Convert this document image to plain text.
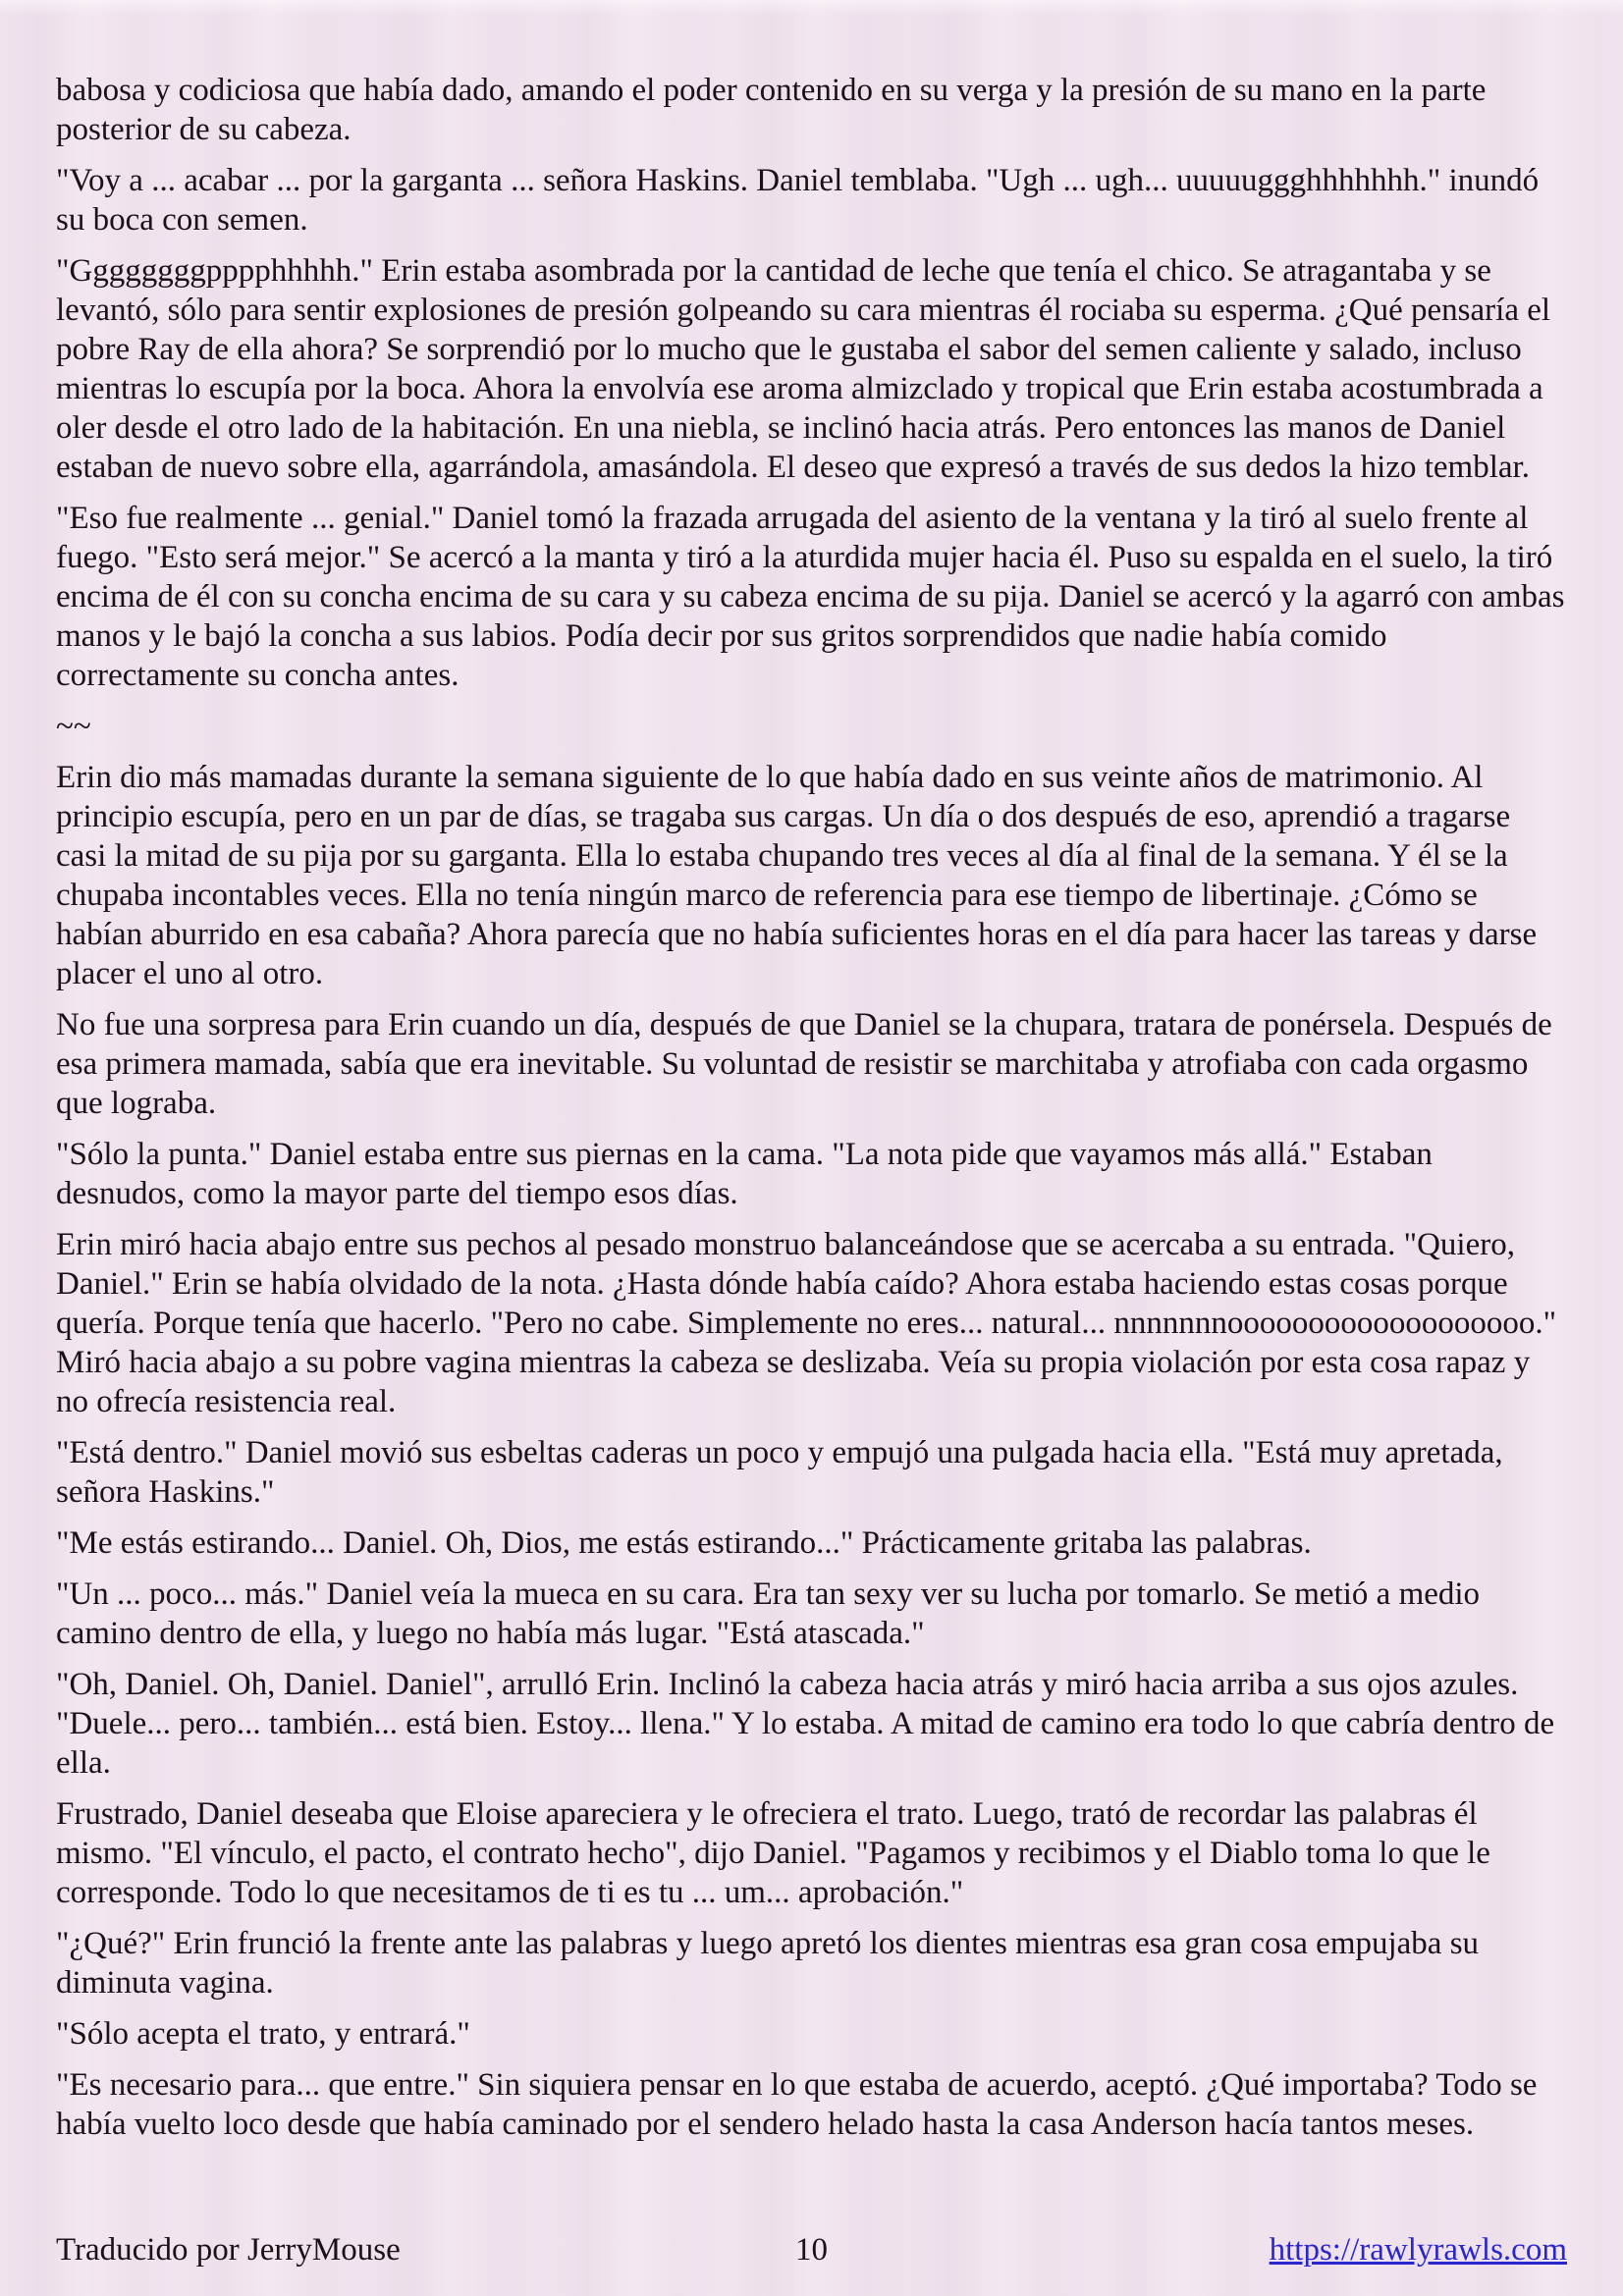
babosa y codiciosa que había dado, amando el poder contenido en su verga y la presión de su mano en la parte posterior de su cabeza.

"Voy a ... acabar ... por la garganta ... señora Haskins. Daniel temblaba. "Ugh ... ugh... uuuuuggghhhhhhh." inundó su boca con semen.

"Ggggggggpppphhhhh." Erin estaba asombrada por la cantidad de leche que tenía el chico. Se atragantaba y se levantó, sólo para sentir explosiones de presión golpeando su cara mientras él rociaba su esperma. ¿Qué pensaría el pobre Ray de ella ahora? Se sorprendió por lo mucho que le gustaba el sabor del semen caliente y salado, incluso mientras lo escupía por la boca. Ahora la envolvía ese aroma almizclado y tropical que Erin estaba acostumbrada a oler desde el otro lado de la habitación. En una niebla, se inclinó hacia atrás. Pero entonces las manos de Daniel estaban de nuevo sobre ella, agarrándola, amasándola. El deseo que expresó a través de sus dedos la hizo temblar.

"Eso fue realmente ... genial." Daniel tomó la frazada arrugada del asiento de la ventana y la tiró al suelo frente al fuego. "Esto será mejor." Se acercó a la manta y tiró a la aturdida mujer hacia él. Puso su espalda en el suelo, la tiró encima de él con su concha encima de su cara y su cabeza encima de su pija. Daniel se acercó y la agarró con ambas manos y le bajó la concha a sus labios. Podía decir por sus gritos sorprendidos que nadie había comido correctamente su concha antes.

~~

Erin dio más mamadas durante la semana siguiente de lo que había dado en sus veinte años de matrimonio. Al principio escupía, pero en un par de días, se tragaba sus cargas. Un día o dos después de eso, aprendió a tragarse casi la mitad de su pija por su garganta. Ella lo estaba chupando tres veces al día al final de la semana. Y él se la chupaba incontables veces. Ella no tenía ningún marco de referencia para ese tiempo de libertinaje. ¿Cómo se habían aburrido en esa cabaña? Ahora parecía que no había suficientes horas en el día para hacer las tareas y darse placer el uno al otro.

No fue una sorpresa para Erin cuando un día, después de que Daniel se la chupara, tratara de ponérsela. Después de esa primera mamada, sabía que era inevitable. Su voluntad de resistir se marchitaba y atrofiaba con cada orgasmo que lograba.

"Sólo la punta." Daniel estaba entre sus piernas en la cama. "La nota pide que vayamos más allá." Estaban desnudos, como la mayor parte del tiempo esos días.

Erin miró hacia abajo entre sus pechos al pesado monstruo balanceándose que se acercaba a su entrada. "Quiero, Daniel." Erin se había olvidado de la nota. ¿Hasta dónde había caído? Ahora estaba haciendo estas cosas porque quería. Porque tenía que hacerlo. "Pero no cabe. Simplemente no eres... natural... nnnnnnnooooooooooooooooooo." Miró hacia abajo a su pobre vagina mientras la cabeza se deslizaba. Veía su propia violación por esta cosa rapaz y no ofrecía resistencia real.

"Está dentro." Daniel movió sus esbeltas caderas un poco y empujó una pulgada hacia ella. "Está muy apretada, señora Haskins."

"Me estás estirando... Daniel. Oh, Dios, me estás estirando..." Prácticamente gritaba las palabras.

"Un ... poco... más." Daniel veía la mueca en su cara. Era tan sexy ver su lucha por tomarlo. Se metió a medio camino dentro de ella, y luego no había más lugar. "Está atascada."

"Oh, Daniel. Oh, Daniel. Daniel", arrulló Erin. Inclinó la cabeza hacia atrás y miró hacia arriba a sus ojos azules. "Duele... pero... también... está bien. Estoy... llena." Y lo estaba. A mitad de camino era todo lo que cabría dentro de ella.

Frustrado, Daniel deseaba que Eloise apareciera y le ofreciera el trato. Luego, trató de recordar las palabras él mismo. "El vínculo, el pacto, el contrato hecho", dijo Daniel. "Pagamos y recibimos y el Diablo toma lo que le corresponde. Todo lo que necesitamos de ti es tu ... um... aprobación."

"¿Qué?" Erin frunció la frente ante las palabras y luego apretó los dientes mientras esa gran cosa empujaba su diminuta vagina.

"Sólo acepta el trato, y entrará."

"Es necesario para... que entre." Sin siquiera pensar en lo que estaba de acuerdo, aceptó. ¿Qué importaba? Todo se había vuelto loco desde que había caminado por el sendero helado hasta la casa Anderson hacía tantos meses.

Traducido por JerryMouse	10	https://rawlyrawls.com
